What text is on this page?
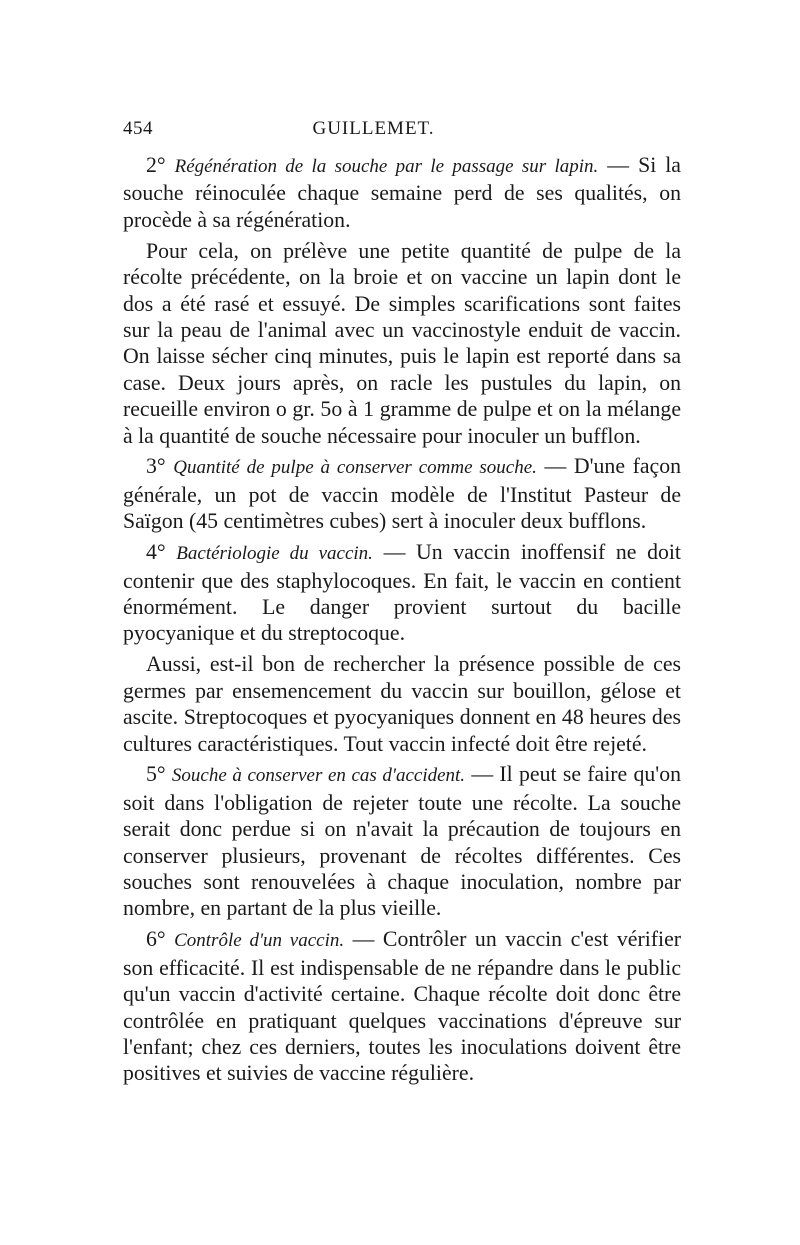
454	GUILLEMET.

2° Régénération de la souche par le passage sur lapin. — Si la souche réinoculée chaque semaine perd de ses qualités, on procède à sa régénération.

Pour cela, on prélève une petite quantité de pulpe de la récolte précédente, on la broie et on vaccine un lapin dont le dos a été rasé et essuyé. De simples scarifications sont faites sur la peau de l'animal avec un vaccinostyle enduit de vaccin. On laisse sécher cinq minutes, puis le lapin est reporté dans sa case. Deux jours après, on racle les pustules du lapin, on recueille environ o gr. 5o à 1 gramme de pulpe et on la mélange à la quantité de souche nécessaire pour inoculer un bufflon.

3° Quantité de pulpe à conserver comme souche. — D'une façon générale, un pot de vaccin modèle de l'Institut Pasteur de Saïgon (45 centimètres cubes) sert à inoculer deux bufflons.

4° Bactériologie du vaccin. — Un vaccin inoffensif ne doit contenir que des staphylocoques. En fait, le vaccin en contient énormément. Le danger provient surtout du bacille pyocyanique et du streptocoque.

Aussi, est-il bon de rechercher la présence possible de ces germes par ensemencement du vaccin sur bouillon, gélose et ascite. Streptocoques et pyocyaniques donnent en 48 heures des cultures caractéristiques. Tout vaccin infecté doit être rejeté.

5° Souche à conserver en cas d'accident. — Il peut se faire qu'on soit dans l'obligation de rejeter toute une récolte. La souche serait donc perdue si on n'avait la précaution de toujours en conserver plusieurs, provenant de récoltes différentes. Ces souches sont renouvelées à chaque inoculation, nombre par nombre, en partant de la plus vieille.

6° Contrôle d'un vaccin. — Contrôler un vaccin c'est vérifier son efficacité. Il est indispensable de ne répandre dans le public qu'un vaccin d'activité certaine. Chaque récolte doit donc être contrôlée en pratiquant quelques vaccinations d'épreuve sur l'enfant; chez ces derniers, toutes les inoculations doivent être positives et suivies de vaccine régulière.
